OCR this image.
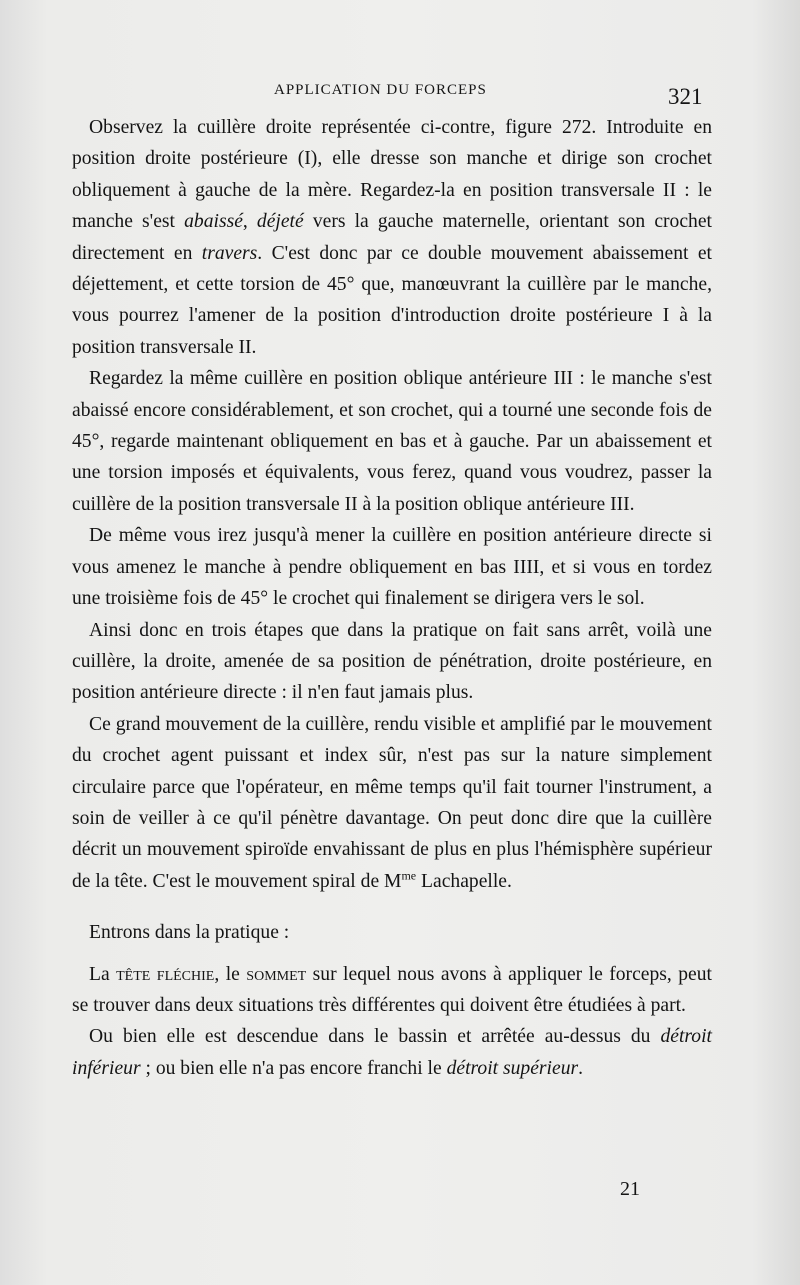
APPLICATION DU FORCEPS	321

Observez la cuillère droite représentée ci-contre, figure 272. Introduite en position droite postérieure (I), elle dresse son manche et dirige son crochet obliquement à gauche de la mère. Regardez-la en position transversale II : le manche s'est abaissé, déjeté vers la gauche maternelle, orientant son crochet directement en travers. C'est donc par ce double mouvement abaissement et déjettement, et cette torsion de 45° que, manœuvrant la cuillère par le manche, vous pourrez l'amener de la position d'introduction droite postérieure I à la position transversale II.

Regardez la même cuillère en position oblique antérieure III : le manche s'est abaissé encore considérablement, et son crochet, qui a tourné une seconde fois de 45°, regarde maintenant obliquement en bas et à gauche. Par un abaissement et une torsion imposés et équivalents, vous ferez, quand vous voudrez, passer la cuillère de la position transversale II à la position oblique antérieure III.

De même vous irez jusqu'à mener la cuillère en position antérieure directe si vous amenez le manche à pendre obliquement en bas IIII, et si vous en tordez une troisième fois de 45° le crochet qui finalement se dirigera vers le sol.

Ainsi donc en trois étapes que dans la pratique on fait sans arrêt, voilà une cuillère, la droite, amenée de sa position de pénétration, droite postérieure, en position antérieure directe : il n'en faut jamais plus.

Ce grand mouvement de la cuillère, rendu visible et amplifié par le mouvement du crochet agent puissant et index sûr, n'est pas sur la nature simplement circulaire parce que l'opérateur, en même temps qu'il fait tourner l'instrument, a soin de veiller à ce qu'il pénètre davantage. On peut donc dire que la cuillère décrit un mouvement spiroïde envahissant de plus en plus l'hémisphère supérieur de la tête. C'est le mouvement spiral de $M^{me}$ Lachapelle.

Entrons dans la pratique :

La tête fléchie, le sommet sur lequel nous avons à appliquer le forceps, peut se trouver dans deux situations très différentes qui doivent être étudiées à part.

Ou bien elle est descendue dans le bassin et arrêtée au-dessus du détroit inférieur ; ou bien elle n'a pas encore franchi le détroit supérieur.

21
